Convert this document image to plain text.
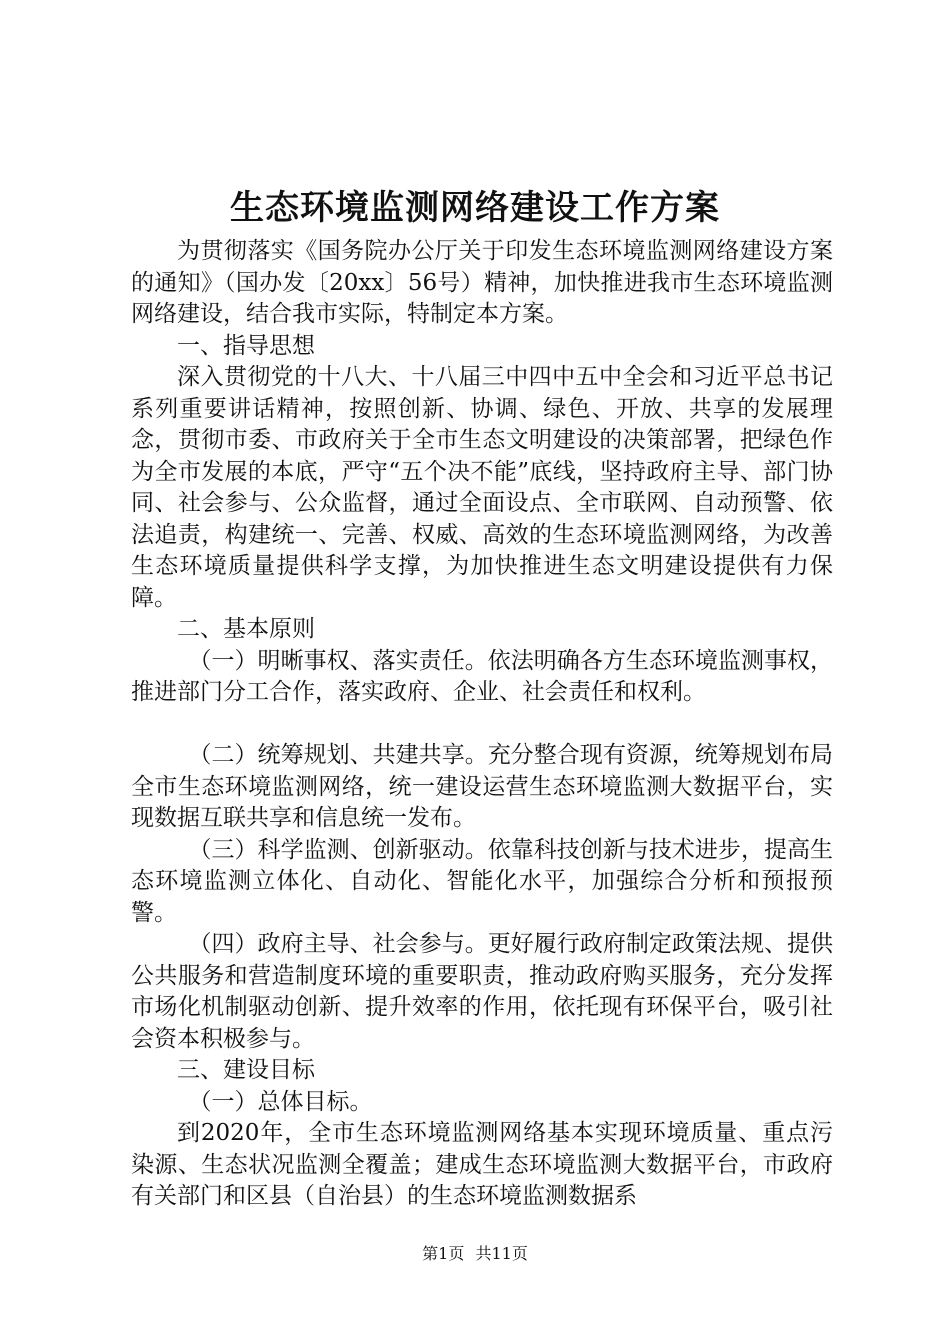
生态环境监测网络建设工作方案

为贯彻落实《国务院办公厅关于印发生态环境监测网络建设方案的通知》（国办发〔20xx〕56号）精神，加快推进我市生态环境监测网络建设，结合我市实际，特制定本方案。

一、指导思想

深入贯彻党的十八大、十八届三中四中五中全会和习近平总书记系列重要讲话精神，按照创新、协调、绿色、开放、共享的发展理念，贯彻市委、市政府关于全市生态文明建设的决策部署，把绿色作为全市发展的本底，严守“五个决不能”底线，坚持政府主导、部门协同、社会参与、公众监督，通过全面设点、全市联网、自动预警、依法追责，构建统一、完善、权威、高效的生态环境监测网络，为改善生态环境质量提供科学支撑，为加快推进生态文明建设提供有力保障。

二、基本原则

（一）明晰事权、落实责任。依法明确各方生态环境监测事权，推进部门分工合作，落实政府、企业、社会责任和权利。

（二）统筹规划、共建共享。充分整合现有资源，统筹规划布局全市生态环境监测网络，统一建设运营生态环境监测大数据平台，实现数据互联共享和信息统一发布。

（三）科学监测、创新驱动。依靠科技创新与技术进步，提高生态环境监测立体化、自动化、智能化水平，加强综合分析和预报预警。

（四）政府主导、社会参与。更好履行政府制定政策法规、提供公共服务和营造制度环境的重要职责，推动政府购买服务，充分发挥市场化机制驱动创新、提升效率的作用，依托现有环保平台，吸引社会资本积极参与。

三、建设目标

（一）总体目标。

到2020年，全市生态环境监测网络基本实现环境质量、重点污染源、生态状况监测全覆盖；建成生态环境监测大数据平台，市政府有关部门和区县（自治县）的生态环境监测数据系

第1页 共11页
